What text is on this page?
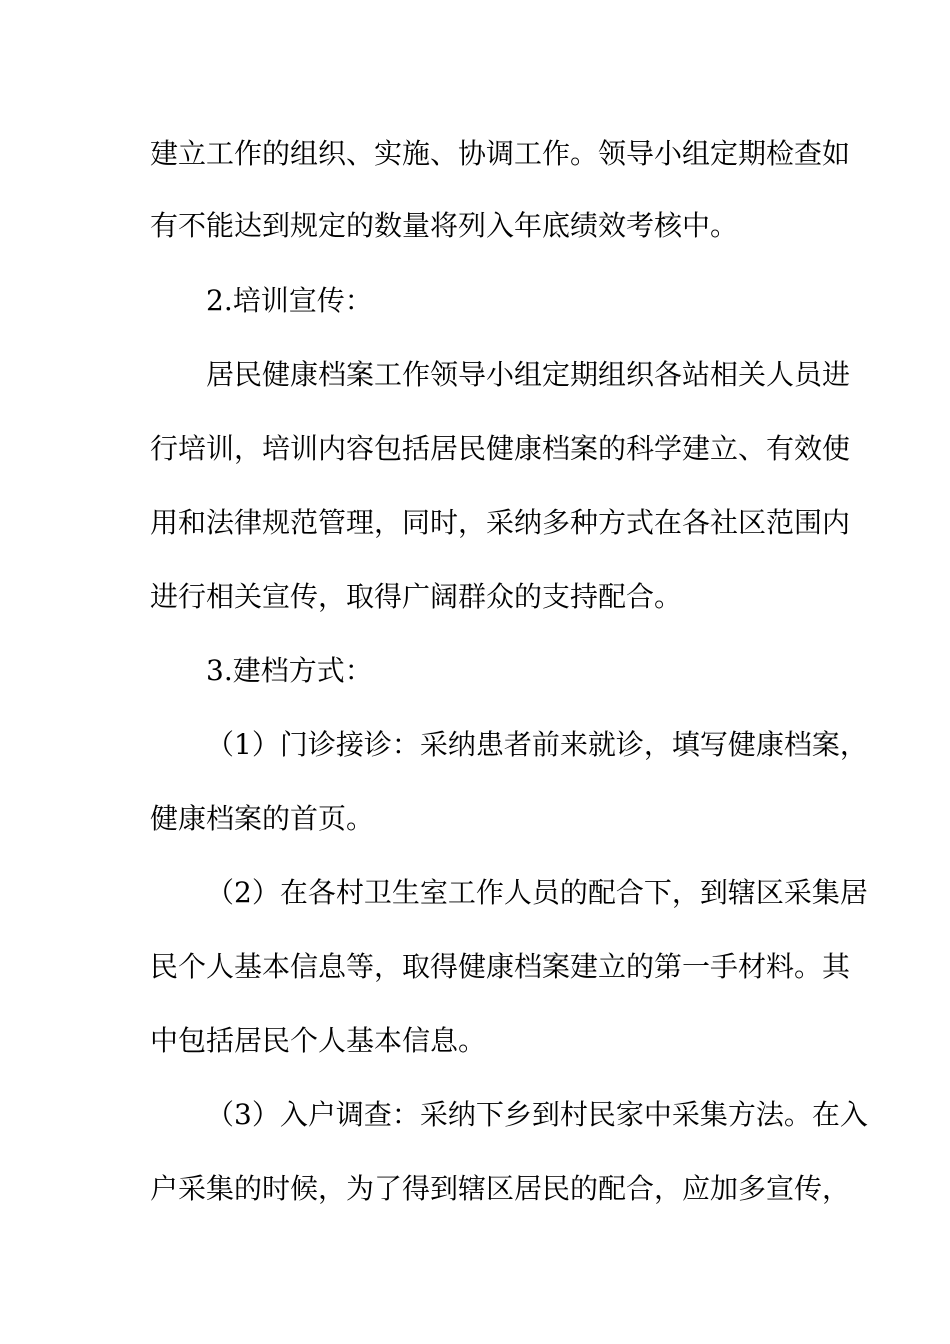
建立工作的组织、实施、协调工作。领导小组定期检查如
有不能达到规定的数量将列入年底绩效考核中。
2.培训宣传：
居民健康档案工作领导小组定期组织各站相关人员进
行培训，培训内容包括居民健康档案的科学建立、有效使
用和法律规范管理，同时，采纳多种方式在各社区范围内
进行相关宣传，取得广阔群众的支持配合。
3.建档方式：
（1）门诊接诊：采纳患者前来就诊，填写健康档案，
健康档案的首页。
（2）在各村卫生室工作人员的配合下，到辖区采集居
民个人基本信息等，取得健康档案建立的第一手材料。其
中包括居民个人基本信息。
（3）入户调查：采纳下乡到村民家中采集方法。在入
户采集的时候，为了得到辖区居民的配合，应加多宣传，
